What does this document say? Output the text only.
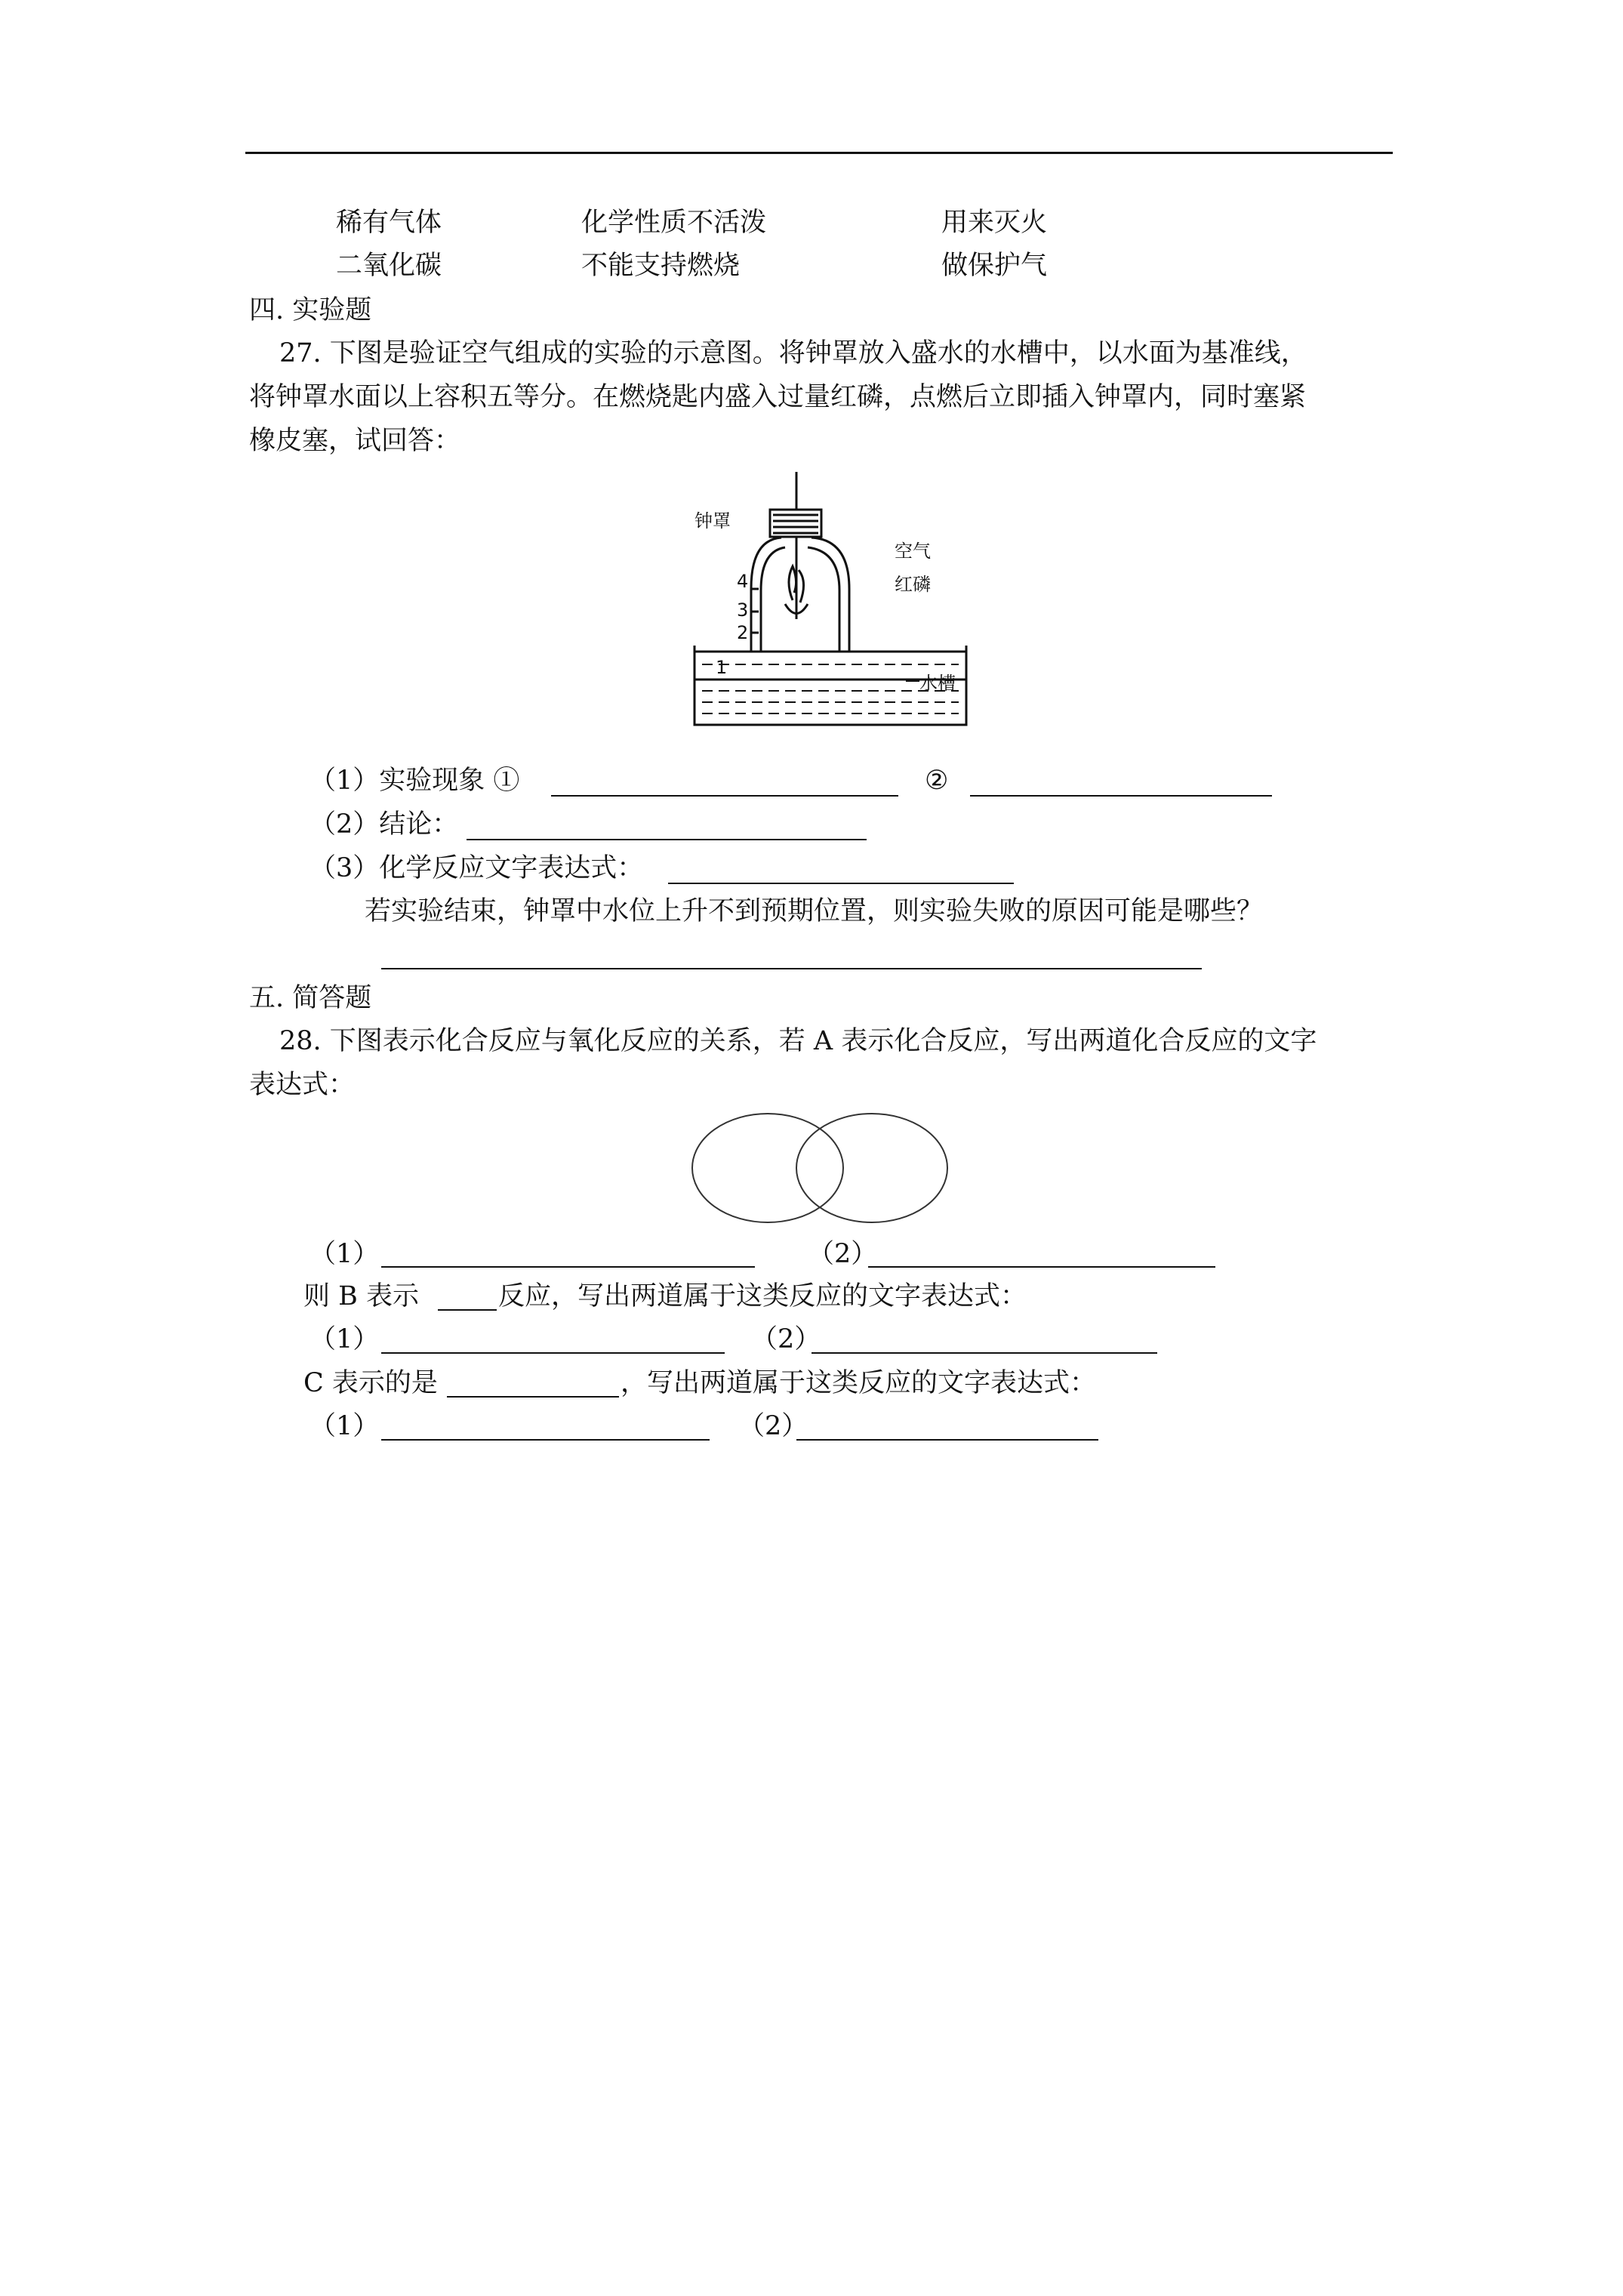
稀有气体	化学性质不活泼	用来灭火
二氧化碳	不能支持燃烧	做保护气
四. 实验题
27. 下图是验证空气组成的实验的示意图。将钟罩放入盛水的水槽中，以水面为基准线，
将钟罩水面以上容积五等分。在燃烧匙内盛入过量红磷，点燃后立即插入钟罩内，同时塞紧
橡皮塞，试回答：
钟罩
空气
红磷
水槽
4
3
2
1
（1）实验现象 ①	②
（2）结论：
（3）化学反应文字表达式：
若实验结束，钟罩中水位上升不到预期位置，则实验失败的原因可能是哪些？
五. 简答题
28. 下图表示化合反应与氧化反应的关系，若 A 表示化合反应，写出两道化合反应的文字
表达式：
（1）	（2）
则 B 表示	反应，写出两道属于这类反应的文字表达式：
（1）	（2）
C 表示的是	，写出两道属于这类反应的文字表达式：
（1）	（2）
